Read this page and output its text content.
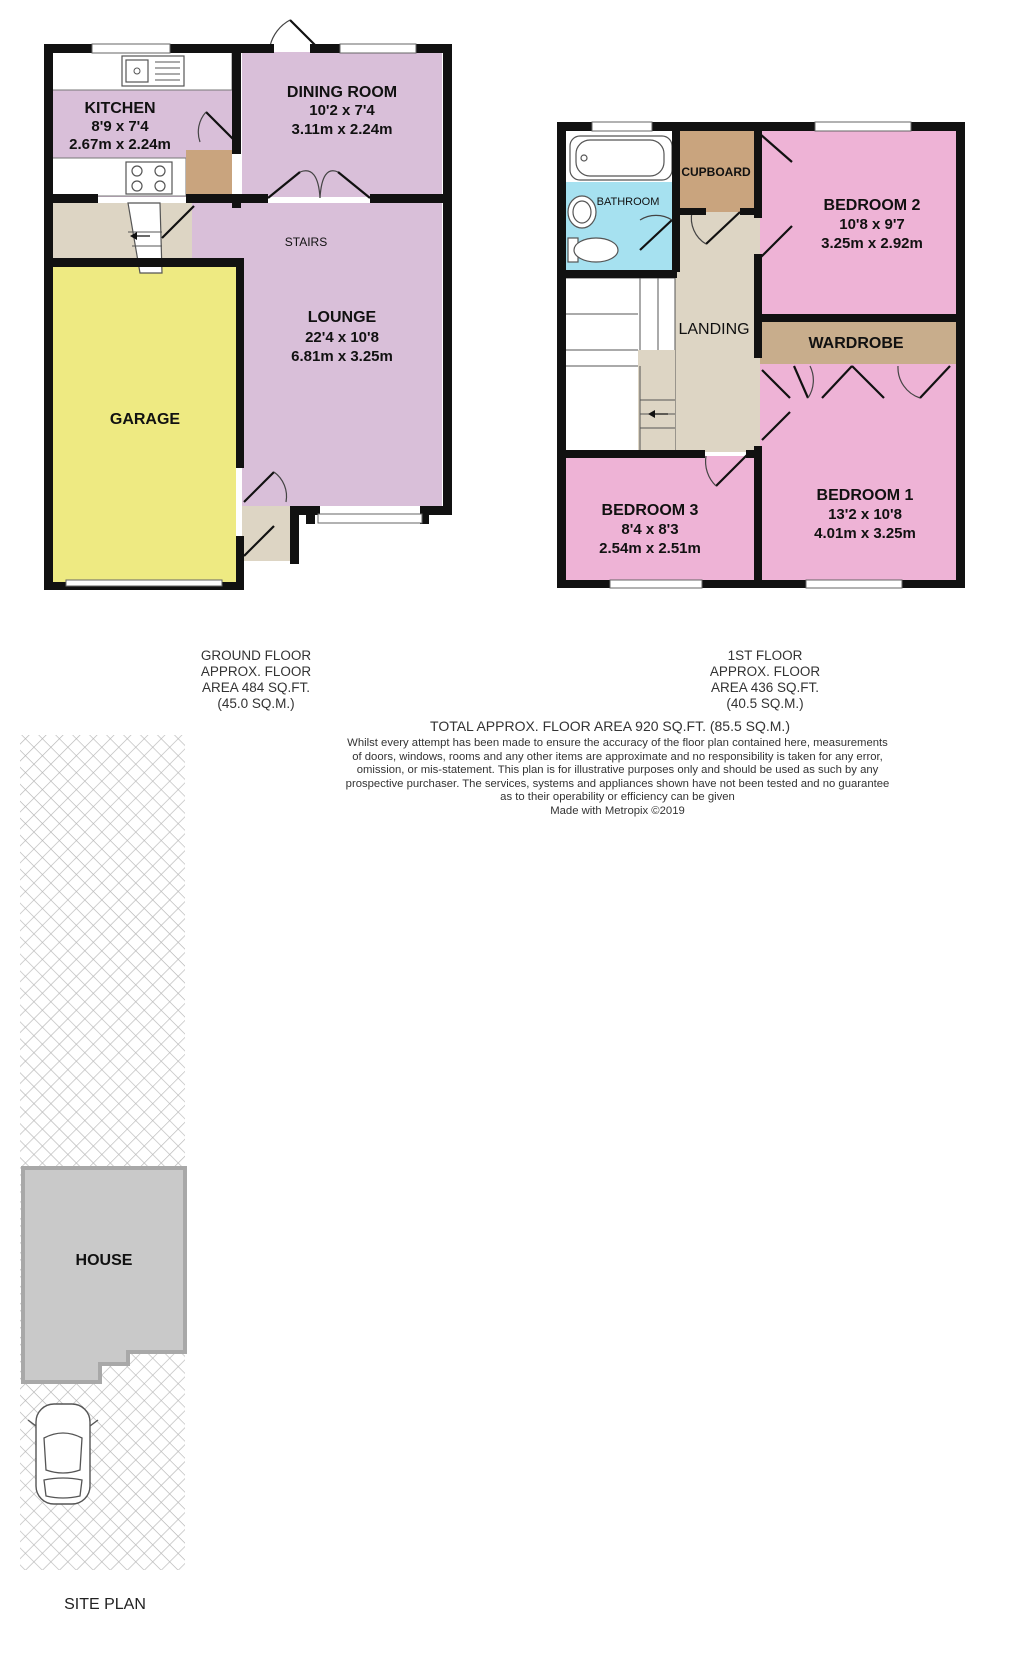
KITCHEN
8'9 x 7'4
2.67m x 2.24m
DINING ROOM
10'2 x 7'4
3.11m x 2.24m
STAIRS
LOUNGE
22'4 x 10'8
6.81m x 3.25m
GARAGE
BATHROOM
CUPBOARD
BEDROOM 2
10'8 x 9'7
3.25m x 2.92m
LANDING
WARDROBE
BEDROOM 1
13'2 x 10'8
4.01m x 3.25m
BEDROOM 3
8'4 x 8'3
2.54m x 2.51m
HOUSE
GROUND FLOOR
APPROX. FLOOR
AREA 484 SQ.FT.
(45.0 SQ.M.)
1ST FLOOR
APPROX. FLOOR
AREA 436 SQ.FT.
(40.5 SQ.M.)
TOTAL APPROX. FLOOR AREA 920 SQ.FT. (85.5 SQ.M.)
Whilst every attempt has been made to ensure the accuracy of the floor plan contained here, measurements
of doors, windows, rooms and any other items are approximate and no responsibility is taken for any error,
omission, or mis-statement. This plan is for illustrative purposes only and should be used as such by any
prospective purchaser. The services, systems and appliances shown have not been tested and no guarantee
as to their operability or efficiency can be given
Made with Metropix ©2019
SITE PLAN
